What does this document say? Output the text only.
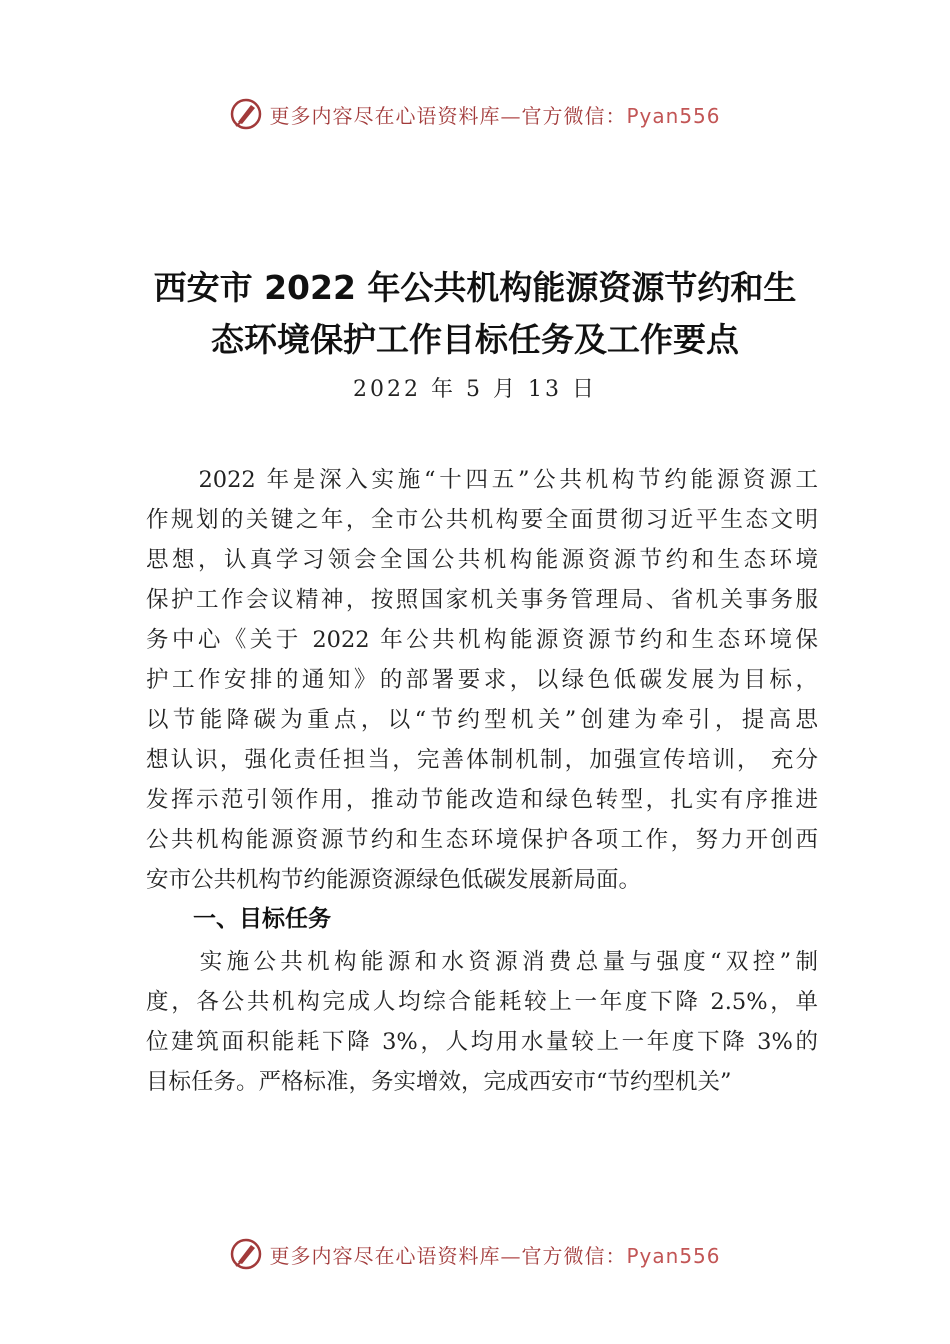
更多内容尽在心语资料库—官方微信：Pyan556
西安市 2022 年公共机构能源资源节约和生
态环境保护工作目标任务及工作要点
2022 年 5 月 13 日
　　2022 年是深入实施“十四五”公共机构节约能源资源工
作规划的关键之年，全市公共机构要全面贯彻习近平生态文明
思想，认真学习领会全国公共机构能源资源节约和生态环境
保护工作会议精神，按照国家机关事务管理局、省机关事务服
务中心《关于 2022 年公共机构能源资源节约和生态环境保
护工作安排的通知》的部署要求，以绿色低碳发展为目标，
以节能降碳为重点，以“节约型机关”创建为牵引，提高思
想认识，强化责任担当，完善体制机制，加强宣传培训， 充分
发挥示范引领作用，推动节能改造和绿色转型，扎实有序推进
公共机构能源资源节约和生态环境保护各项工作，努力开创西
安市公共机构节约能源资源绿色低碳发展新局面。
一、目标任务
　　实施公共机构能源和水资源消费总量与强度“双控”制
度，各公共机构完成人均综合能耗较上一年度下降 2.5%，单
位建筑面积能耗下降 3%，人均用水量较上一年度下降 3%的
目标任务。严格标准，务实增效，完成西安市“节约型机关”
更多内容尽在心语资料库—官方微信：Pyan556
